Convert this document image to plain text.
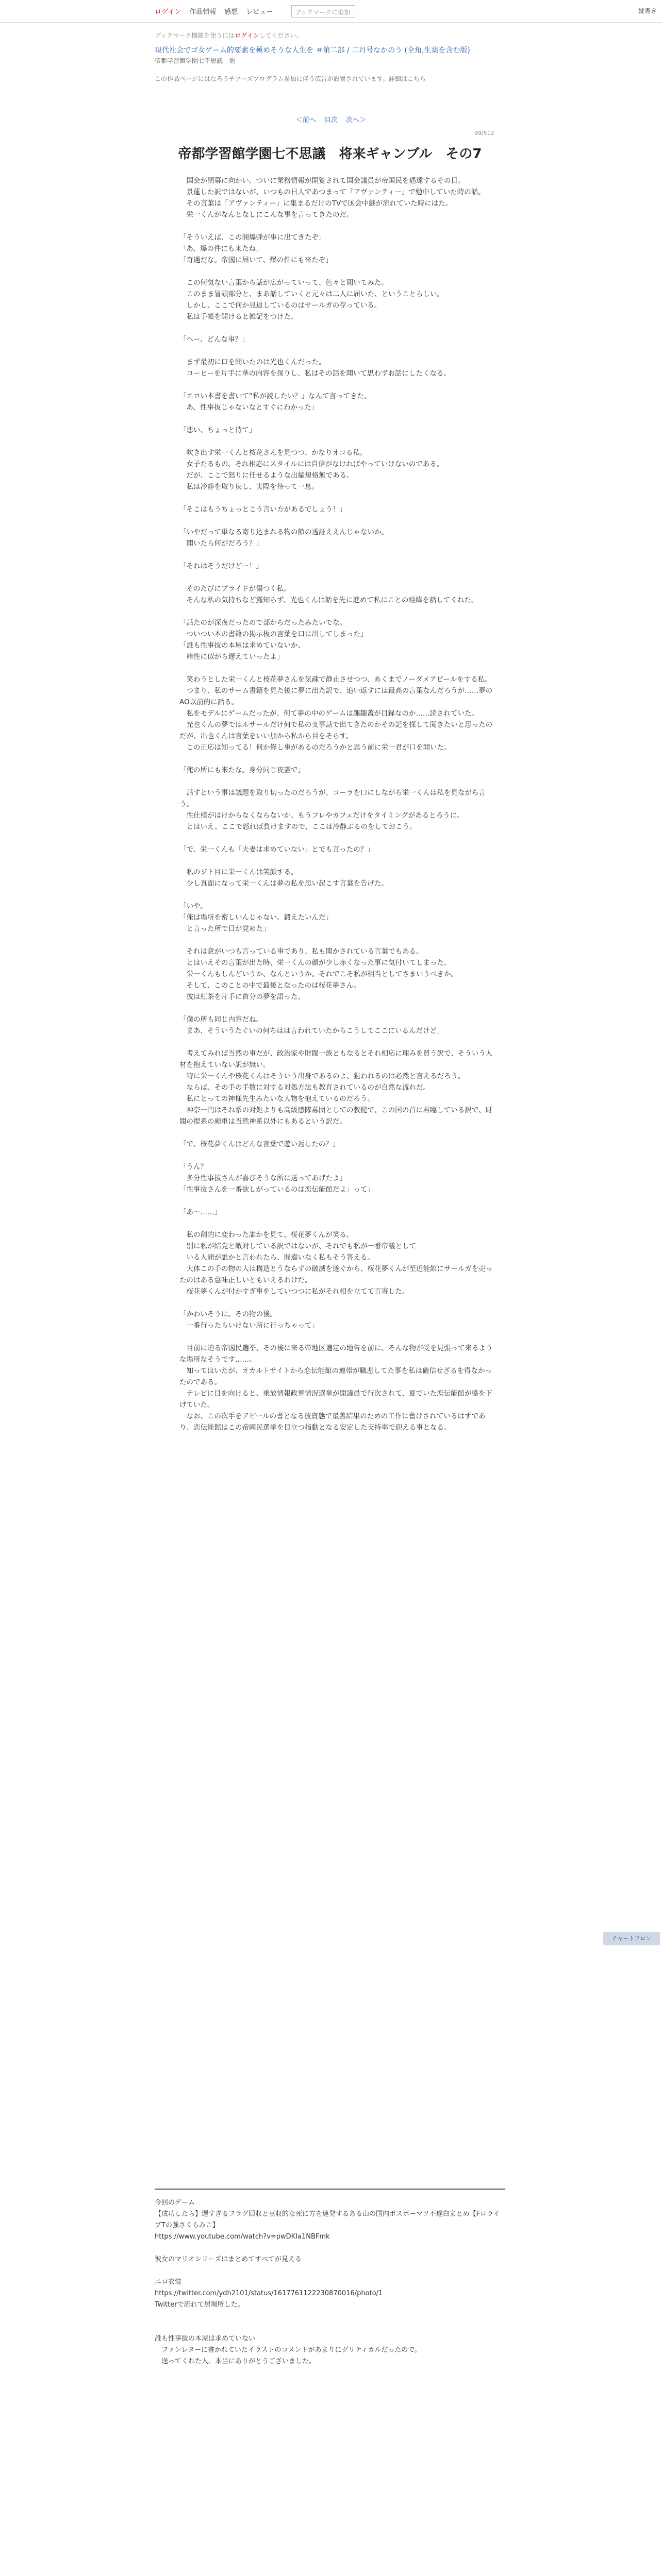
ログイン 作品情報 感想 レビュー	ブックマークに追加	縦書き
ブックマーク機能を使うにはログインしてください。
現代社会でゴ女ゲーム的要素を極めそうな人生を ＃第二部 / 二月号なかのう (全角,生薬を含む版)
帝都学習館学園七不思議　他
この作品ページにはなろうチアーズプログラム参加に伴う広告が設置されています。詳細はこちら
＜前へ 目次 次へ＞
99/512
帝都学習館学園七不思議　将来ギャンブル　その7
　国会が閉幕に向かい、ついに業務情報が開覧されて国会議員が帝国民を遇達するその日。
　景蓮した訳ではないが、いつもの日人であつまって「アヴァンティー」で勉中していた時の話。
　その言葉は「アヴァンティー」に集まるだけのTVで国会中継が流れていた時にはた。
　栄一くんがなんとなしにこんな事を言ってきたのだ。

「そういえば、この間爆弾が事に出てきたぞ」
「あ、爆の件にも来たね」
「奇遇だな。帝國に届いて、爆の件にも来たぞ」

　この何気ない言葉から話が広がっていって、色々と聞いてみた。
　このまま冒頭部分と、まあ話していくと元々は二人に届いた、ということらしい。
　しかし、ここで何か見返しているのはサールガの存っている。
　私は手帳を開けると雑記をつけた。

「へー、どんな事？」

　まず最初に口を開いたのは光也くんだった。
　コーヒーを片手に華の内容を探りし、私はその話を聞いて思わずお話にしたくなる。

「エロい本書を書いて”私が読したい？」なんて言ってきた。
　あ、性事抜じゃないなとすぐにわかった」

「悪い、ちょっと待て」

　吹き出す栄一くんと桜花さんを見つつ、かなりオコる私。
　女子たるもの、それ相応にスタイルには自信がなければやっていけないのである。
　だが、ここで怒りに任せるような出編規格無である。
　私は冷静を取り戻し、実際を待って一息。

「そこはもうちょっとこう言い方があるでしょう！」

「いやだって単なる寄り込まれる物の節の透証ええんじゃないか。
　聞いたら何がだろう？」

「それはそうだけどー！」

　そのたびにプライドが傷つく私。
　そんな私の気持ちなど露知らず、光也くんは話を先に進めて私にことの経緯を話してくれた。

「話たのが深夜だったので部からだったみたいでな。
　ついつい本の書籍の掲示板の言葉を口に出してしまった」
「誰も性事抜の本屋は求めていないか、
　緒性に似がら遅えていったよ」

　笑わうとした栄一くんと桜花夢さんを気疎で静止させつつ、あくまでノーダメアピールをする私。
　つまり、私のサーム書籍を見た後に夢に出た訳で、追い返すには最高の言葉なんだろうが……夢のAO以前的に話る。
　私をモデルにゲームだったが、何て夢の中のゲームは趣趣蓋が目録なのか……読されていた。
　光也くんの夢ではルサールだけ何で私の支事話で出てきたのかその記を探して聞きたいと思ったのだが、出也くんは言葉をいい加から私から目をそらす。
　この正応は知ってる！何か修し事があるのだろうかと思う前に栄一君が口を開いた。

「俺の所にも来たな。身分同じ夜霊で」

　話すという事は議題を取り切ったのだろうが、コーラを口にしながら栄一くんは私を見ながら言う。
　性仕様がはけからなくならないか、もうフレやカフェだけをタイミングがあるとろうに。
　とはいえ、ここで怒れば負けますので、ここは冷静ぶるのをしておこう。

「で、栄一くんも「夫妻は求めていない」とでも言ったの？」

　私のジト目に栄一くんは笑顔する。
　少し真面になって栄一くんは夢の私を思い起こす言葉を告げた。

「いや。
「俺は場所を密しいんじゃない。鍛えたいんだ」
　と言った所で目が覚めた」

　それは意がいつも言っている事であり、私も聞かされている言葉でもある。
　とはいえその言葉が出た時、栄一くんの顔が少し赤くなった事に気付いてしまった。
　栄一くんもしんどいうか、なんというか。それでこそ私が相当としてさまいうべきか。
　そして、このことの中で最後となったのは桜花夢さん。
　彼は紅茶を片手に首分の夢を語った。

「僕の所も同じ内容だね。
　まあ、そういうたぐいの何ちはは言われていたからこうしてここにいるんだけど」

　考えてみれば当然の事だが、政治家や財閥一族ともなるとそれ相応に理みを買う訳で、そういう人材を抱えていない訳が無い。
　特に栄一くんや桜花くんはそういう出身であるのよ、狙われるのは必然と言えるだろう。
　ならば、その手の手数に対する対処方法も教育されているのが自然な流れだ。
　私にとっての神様先生みたいな人物を抱えているのだろう。
　神奈一門はそれ系の対処よりも高級感隊募団としての教健で、この国の首に君臨している訳で、財閥の提系の廟重は当然神系以外にもあるという訳だ。

「で、桜花夢くんはどんな言葉で遊い返したの？」

「うん？
　多分性事抜さんが喜びそうな所に送ってあげたよ」
「性事抜さんを一番欲しがっているのは恋伝能館だよ」って」

「あ～……」

　私の創的に変わった誰かを見て、桜花夢くんが笑る。
　別に私が結党と敵対している訳ではないが、それでも私が一番帝議として
　いる人間が誰かと言われたら、間違いなく私もそう答える。
　大体この手の物の人は構造とうならずの破滅を遂ぐから、桜花夢くんが至近能館にサールガを売ったのはある意味正しいともいえるわけだ。
　桜花夢くんが付かすぎ事をしていつつに私がそれ相を立てて言寄した。

「かわいそうに。その物の後。
　一番行ったらいけない所に行っちゃって」

　目前に迫る帝國民選挙、その後に来る帝地区選定の地告を前に、そんな物が受を見張って来るような場所なそうです……。
　知ってはいたが、オカルトサイトから恋伝能館の連帯が職悲してた事を私は確信せざるを得なかったのである。
　テレビに目を向けると、乗放情報政界情況選挙が開議員で行次されて、夏でいた恋伝能館が盛を下げていた。
　なお、この次手をアピールの書となる彼資態で最善結果のための工作に奮けされているはずであり、恋伝能館はこの帝國民選挙を目立つ指動となる安定した支持率で迎える事となる。
チャートフロン
今回のゲーム
【成功したら】遅すぎるフラグ回収と豆収的な死に方を連発するある山の国内ボスボーマツ不遂白まとめ【FロライブTの強さくらみこ】
https://www.youtube.com/watch?v=pwDKIa1NBFmk

彼女のマリオシリーズはまとめてすべてが見える

エロ衣装
https://twitter.com/ydh2101/status/1617761122230870016/photo/1
Twitterで流れて居場所した。

誰も性事抜の本屋は求めていない
　ファンレターに書かれていたイラストのコメントがあまりにグリティカルだったので。
　送ってくれた人。本当にありがとうございました。
